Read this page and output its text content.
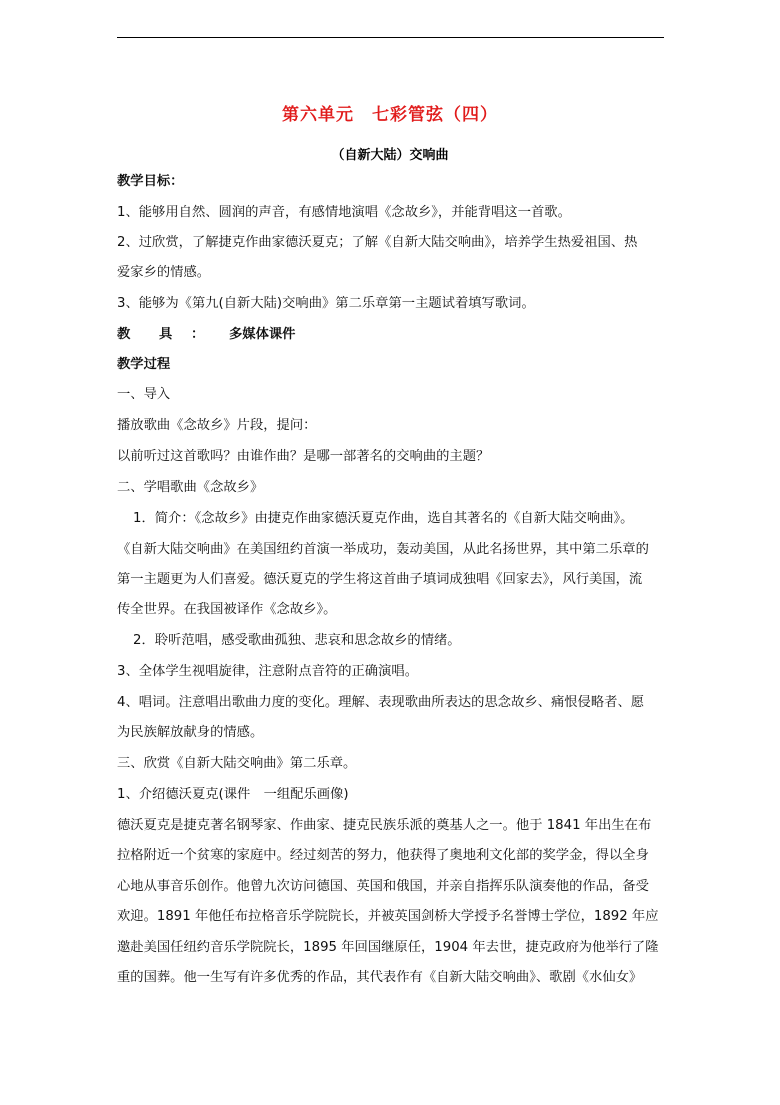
第六单元　七彩管弦（四）
（自新大陆）交响曲
教学目标：
1、能够用自然、圆润的声音，有感情地演唱《念故乡》，并能背唱这一首歌。
2、过欣赏，了解捷克作曲家德沃夏克；了解《自新大陆交响曲》，培养学生热爱祖国、热
爱家乡的情感。
3、能够为《第九(自新大陆)交响曲》第二乐章第一主题试着填写歌词。
教 具 ： 多媒体课件
教学过程
一、导入
播放歌曲《念故乡》片段，提问：
以前听过这首歌吗？由谁作曲？是哪一部著名的交响曲的主题？
二、学唱歌曲《念故乡》
1．简介：《念故乡》由捷克作曲家德沃夏克作曲，选自其著名的《自新大陆交响曲》。
《自新大陆交响曲》在美国纽约首演一举成功，轰动美国，从此名扬世界，其中第二乐章的
第一主题更为人们喜爱。德沃夏克的学生将这首曲子填词成独唱《回家去》，风行美国，流
传全世界。在我国被译作《念故乡》。
2．聆听范唱，感受歌曲孤独、悲哀和思念故乡的情绪。
3、全体学生视唱旋律，注意附点音符的正确演唱。
4、唱词。注意唱出歌曲力度的变化。理解、表现歌曲所表达的思念故乡、痛恨侵略者、愿
为民族解放献身的情感。
三、欣赏《自新大陆交响曲》第二乐章。
1、介绍德沃夏克(课件　一组配乐画像)
德沃夏克是捷克著名钢琴家、作曲家、捷克民族乐派的奠基人之一。他于 1841 年出生在布
拉格附近一个贫寒的家庭中。经过刻苦的努力，他获得了奥地利文化部的奖学金，得以全身
心地从事音乐创作。他曾九次访问德国、英国和俄国，并亲自指挥乐队演奏他的作品，备受
欢迎。1891 年他任布拉格音乐学院院长，并被英国剑桥大学授予名誉博士学位，1892 年应
邀赴美国任纽约音乐学院院长，1895 年回国继原任，1904 年去世，捷克政府为他举行了隆
重的国葬。他一生写有许多优秀的作品，其代表作有《自新大陆交响曲》、歌剧《水仙女》
